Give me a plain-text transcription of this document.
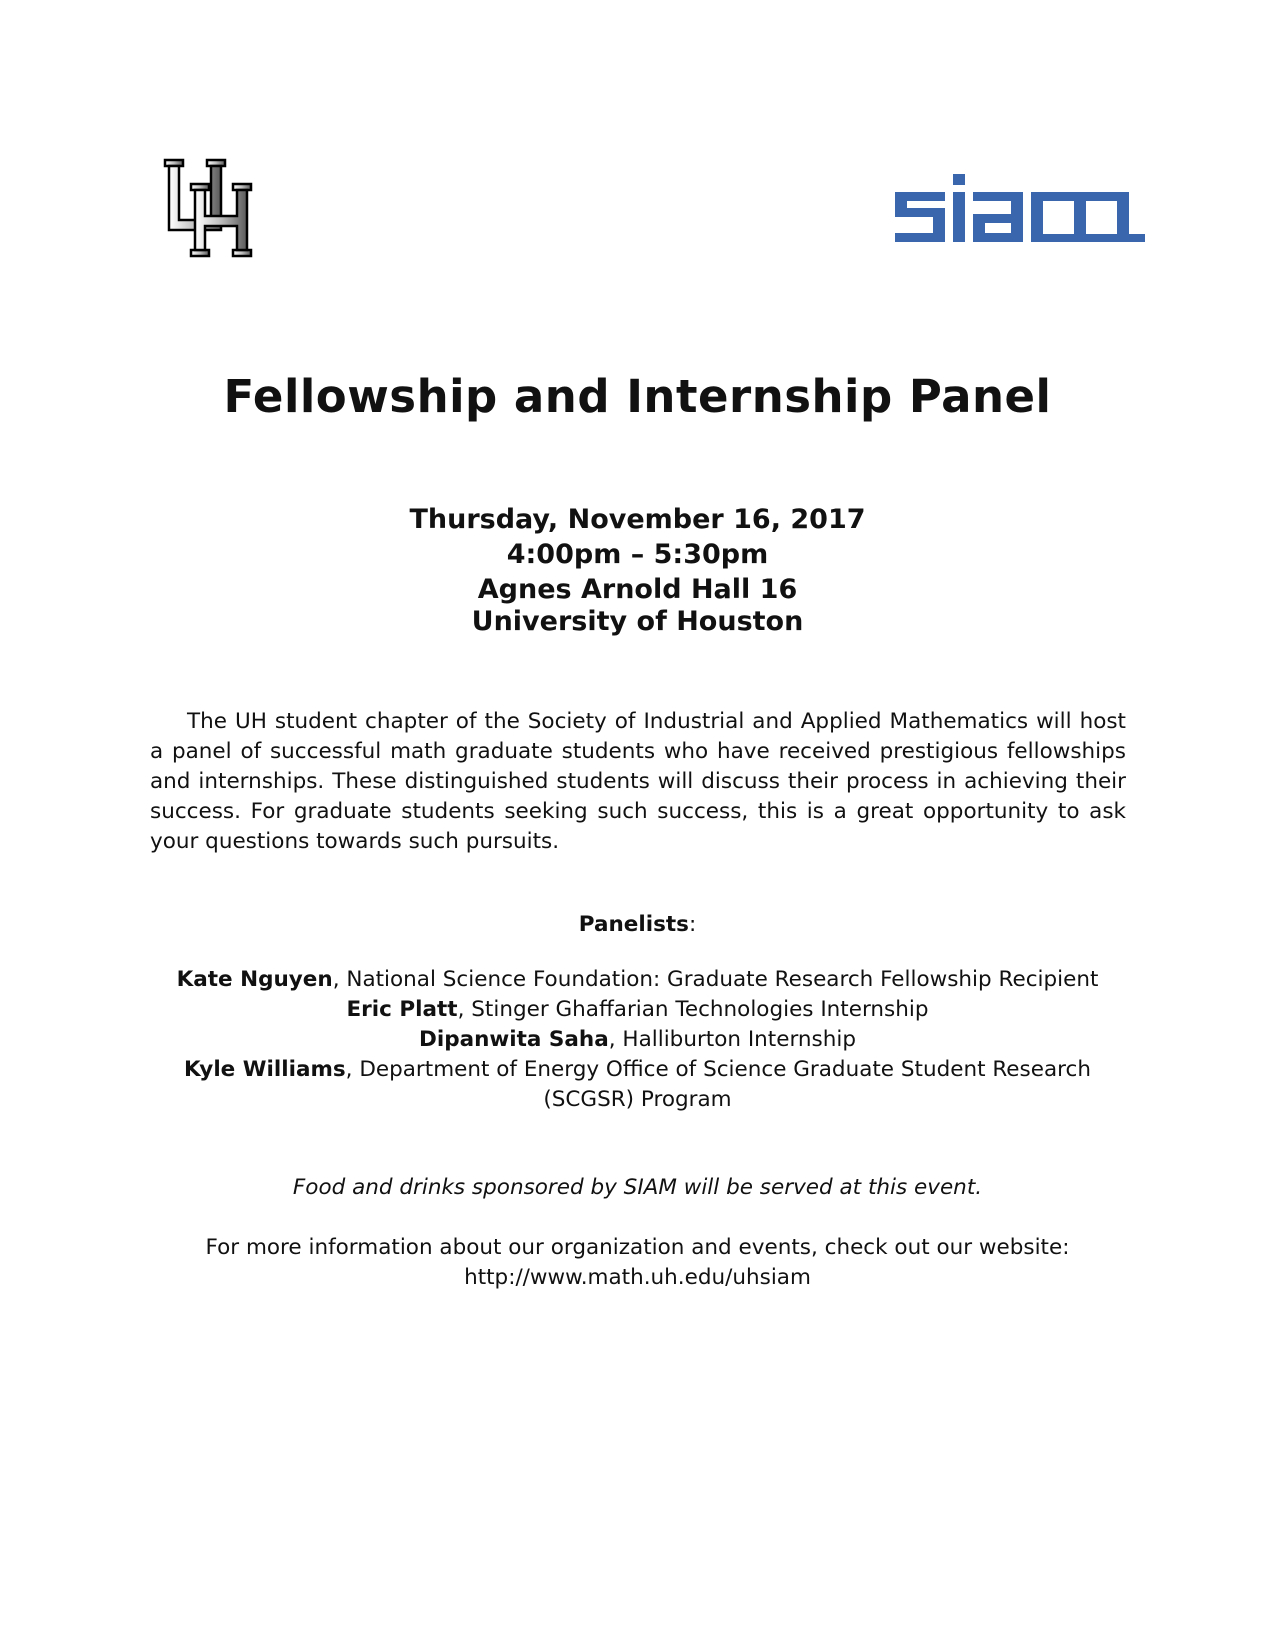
Fellowship and Internship Panel
Thursday, November 16, 2017
4:00pm – 5:30pm
Agnes Arnold Hall 16
University of Houston

The UH student chapter of the Society of Industrial and Applied Mathematics will host a panel of successful math graduate students who have received prestigious fellowships and internships. These distinguished students will discuss their process in achieving their success. For graduate students seeking such success, this is a great opportunity to ask your questions towards such pursuits.

Panelists:
Kate Nguyen, National Science Foundation: Graduate Research Fellowship Recipient
Eric Platt, Stinger Ghaffarian Technologies Internship
Dipanwita Saha, Halliburton Internship
Kyle Williams, Department of Energy Office of Science Graduate Student Research (SCGSR) Program
Food and drinks sponsored by SIAM will be served at this event.
For more information about our organization and events, check out our website:
http://www.math.uh.edu/uhsiam
